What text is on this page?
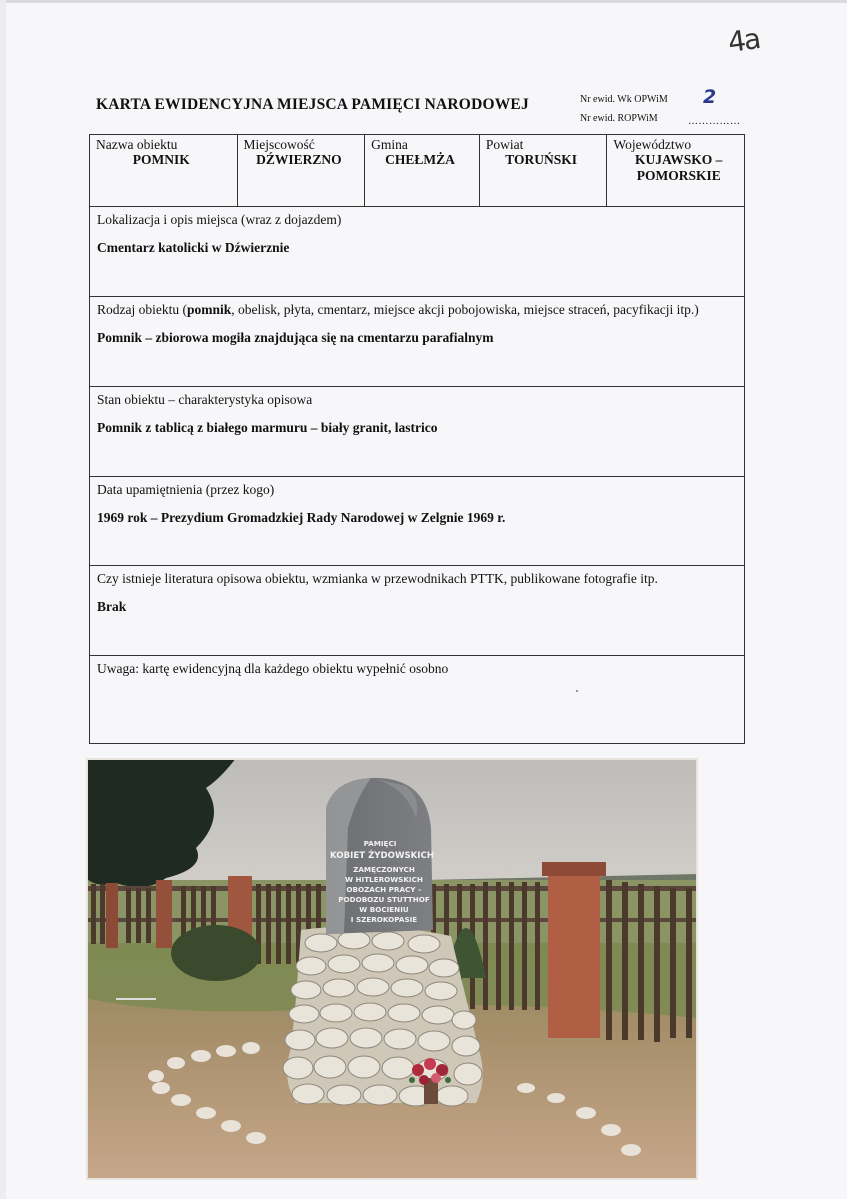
4a
KARTA EWIDENCYJNA MIEJSCA PAMIĘCI NARODOWEJ	Nr ewid. Wk OPWiM 2
Nr ewid. ROPWiM	……………
Nazwa obiektu
POMNIK
Miejscowość
DŹWIERZNO
Gmina
CHEŁMŻA
Powiat
TORUŃSKI
Województwo
KUJAWSKO –
POMORSKIE
Lokalizacja i opis miejsca (wraz z dojazdem)
Cmentarz katolicki w Dźwierznie
Rodzaj obiektu (pomnik, obelisk, płyta, cmentarz, miejsce akcji pobojowiska, miejsce straceń, pacyfikacji itp.)
Pomnik – zbiorowa mogiła znajdująca się na cmentarzu parafialnym
Stan obiektu – charakterystyka opisowa
Pomnik z tablicą z białego marmuru – biały granit, lastrico
Data upamiętnienia (przez kogo)
1969 rok – Prezydium Gromadzkiej Rady Narodowej w Zelgnie 1969 r.
Czy istnieje literatura opisowa obiektu, wzmianka w przewodnikach PTTK, publikowane fotografie itp.
Brak
Uwaga: kartę ewidencyjną dla każdego obiektu wypełnić osobno
PAMIĘCI
KOBIET ŻYDOWSKICH
ZAMĘCZONYCH
W HITLEROWSKICH
OBOZACH PRACY –
PODOBOZU STUTTHOF
W BOCIENIU
I SZEROKOPASIE
